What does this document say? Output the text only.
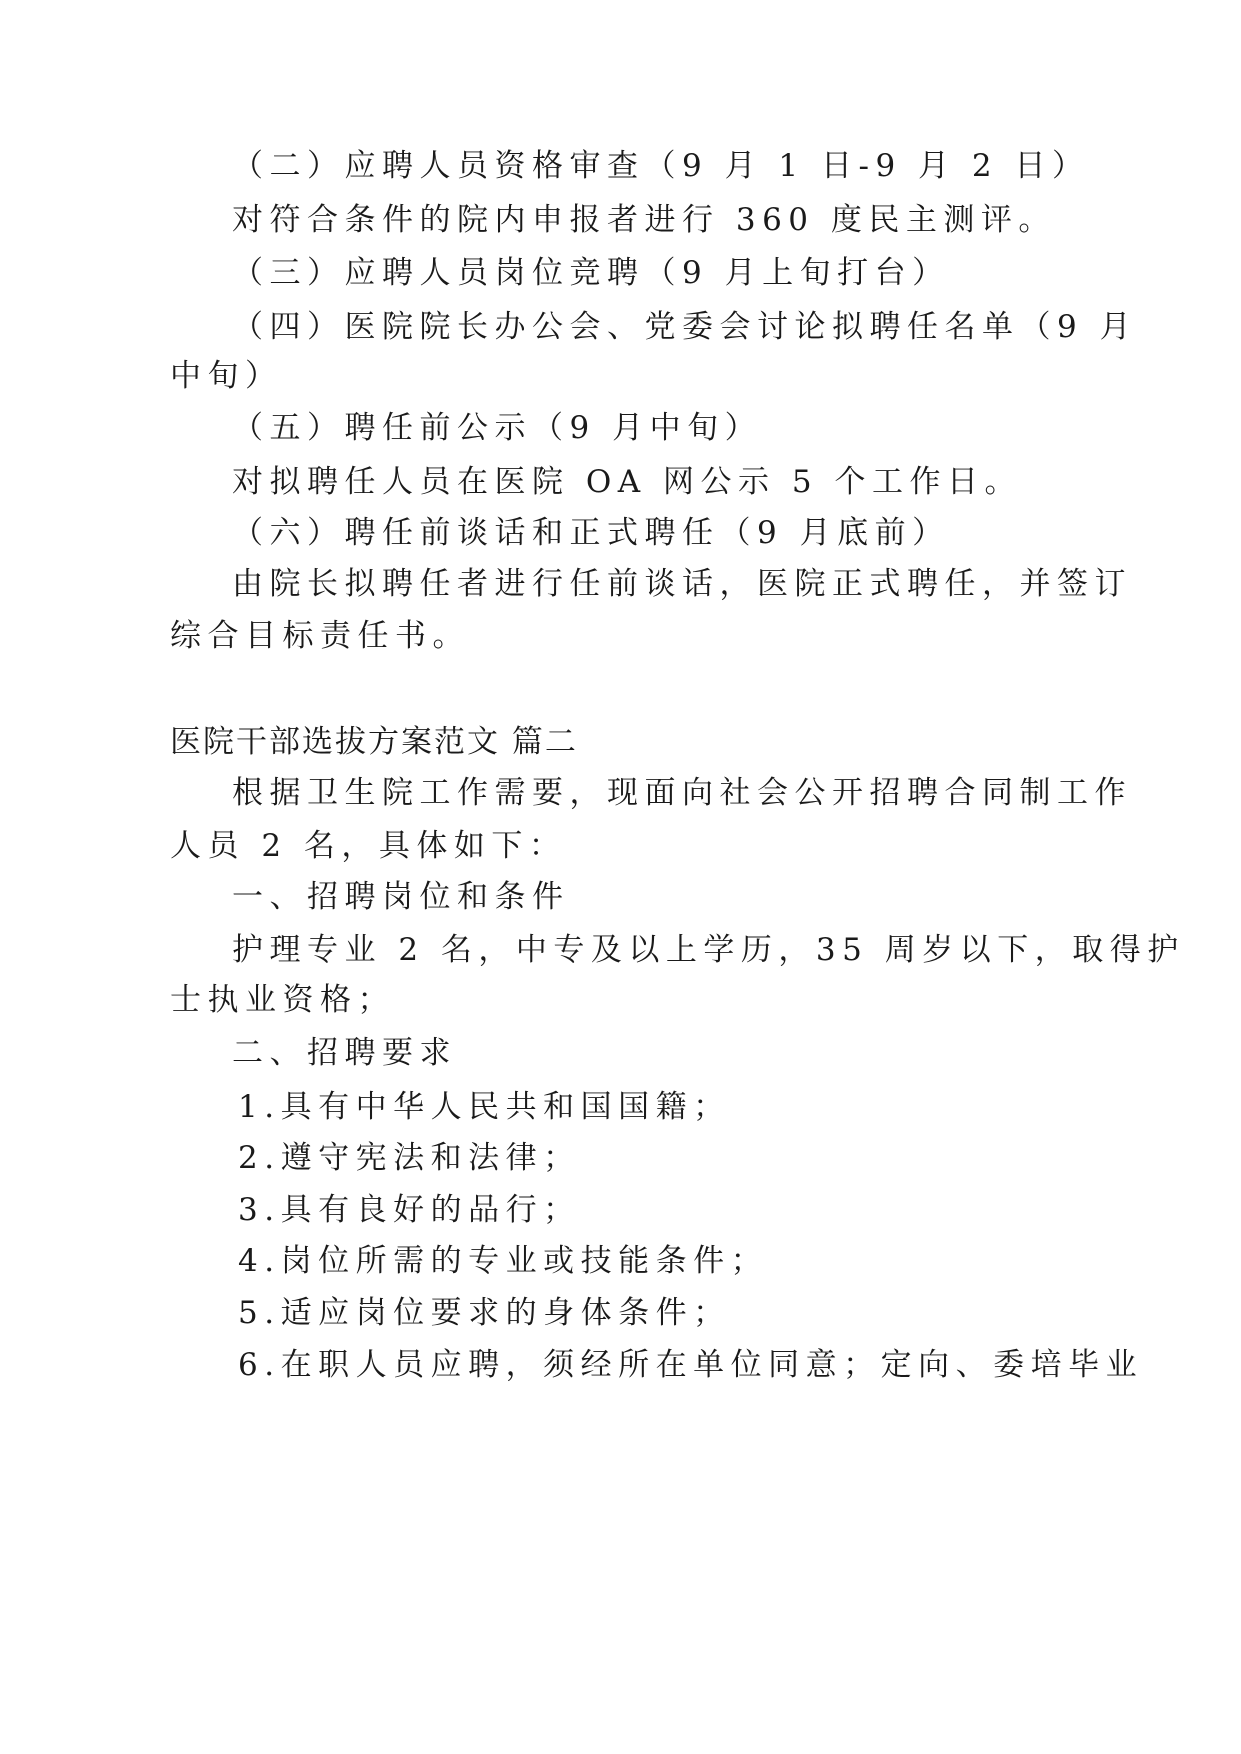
（二）应聘人员资格审查（9 月 1 日-9 月 2 日）
对符合条件的院内申报者进行 360 度民主测评。
（三）应聘人员岗位竞聘（9 月上旬打台）
（四）医院院长办公会、党委会讨论拟聘任名单（9 月
中旬）
（五）聘任前公示（9 月中旬）
对拟聘任人员在医院 OA 网公示 5 个工作日。
（六）聘任前谈话和正式聘任（9 月底前）
由院长拟聘任者进行任前谈话，医院正式聘任，并签订
综合目标责任书。
医院干部选拔方案范文 篇二
根据卫生院工作需要，现面向社会公开招聘合同制工作
人员 2 名，具体如下：
一、招聘岗位和条件
护理专业 2 名，中专及以上学历，35 周岁以下，取得护
士执业资格；
二、招聘要求
1.具有中华人民共和国国籍；
2.遵守宪法和法律；
3.具有良好的品行；
4.岗位所需的专业或技能条件；
5.适应岗位要求的身体条件；
6.在职人员应聘，须经所在单位同意；定向、委培毕业
